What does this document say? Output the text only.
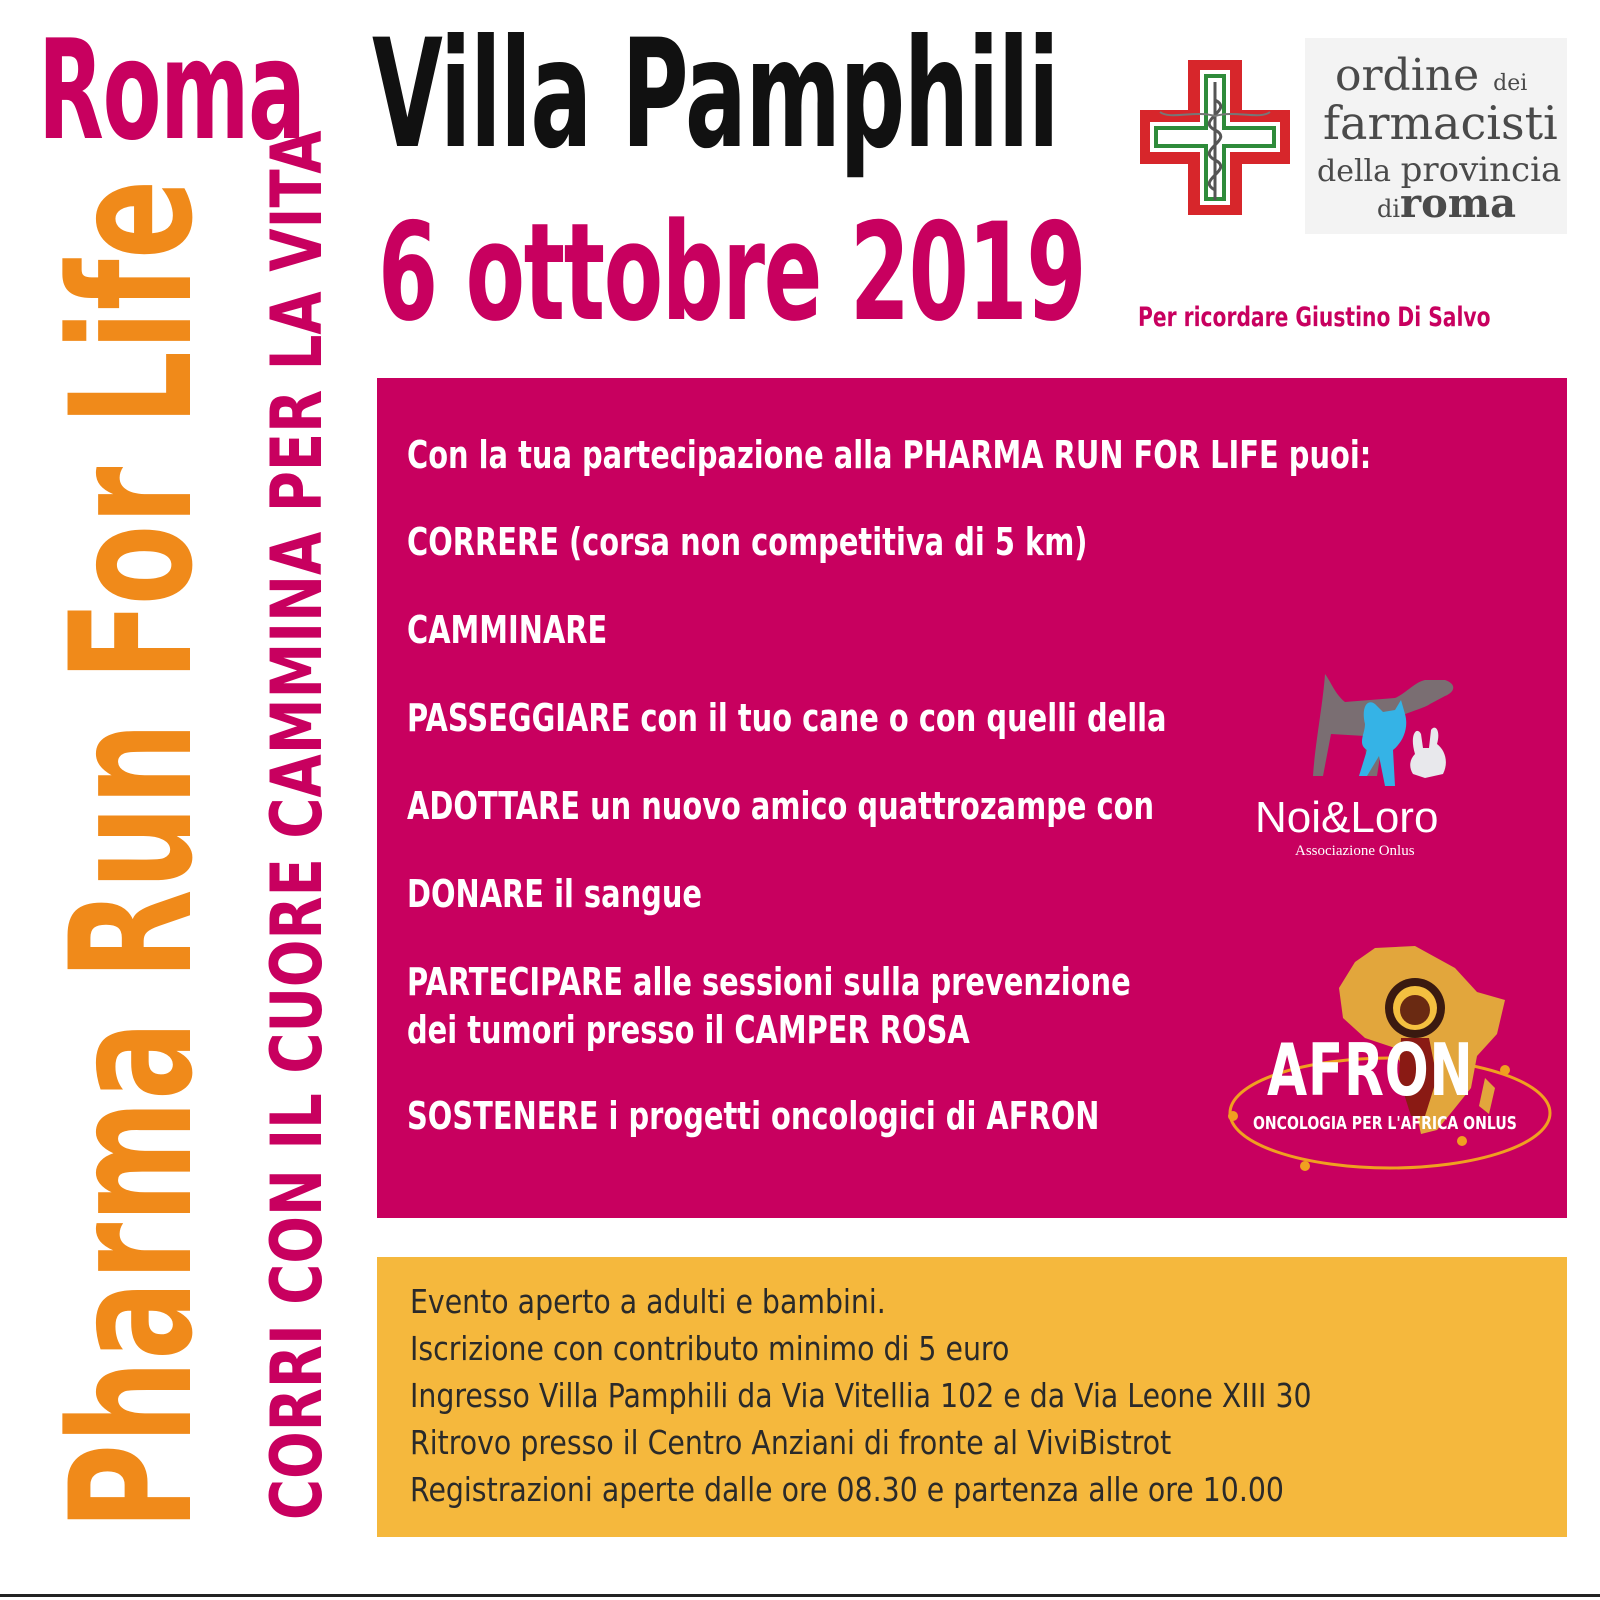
Roma Villa Pamphili
6 ottobre 2019 Per ricordare Giustino Di Salvo
ordine dei
farmacisti
della provincia
diroma
Pharma Run For Life CORRI CON IL CUORE CAMMINA PER LA VITA Con la tua partecipazione alla PHARMA RUN FOR LIFE puoi:
CORRERE (corsa non competitiva di 5 km)
CAMMINARE
PASSEGGIARE con il tuo cane o con quelli della
ADOTTARE un nuovo amico quattrozampe con
DONARE il sangue
PARTECIPARE alle sessioni sulla prevenzione
dei tumori presso il CAMPER ROSA
SOSTENERE i progetti oncologici di AFRON
Noi&Loro
Associazione Onlus
AFRON
ONCOLOGIA PER L'AFRICA ONLUS
Evento aperto a adulti e bambini.
Iscrizione con contributo minimo di 5 euro
Ingresso Villa Pamphili da Via Vitellia 102 e da Via Leone XIII 30
Ritrovo presso il Centro Anziani di fronte al ViviBistrot
Registrazioni aperte dalle ore 08.30 e partenza alle ore 10.00
